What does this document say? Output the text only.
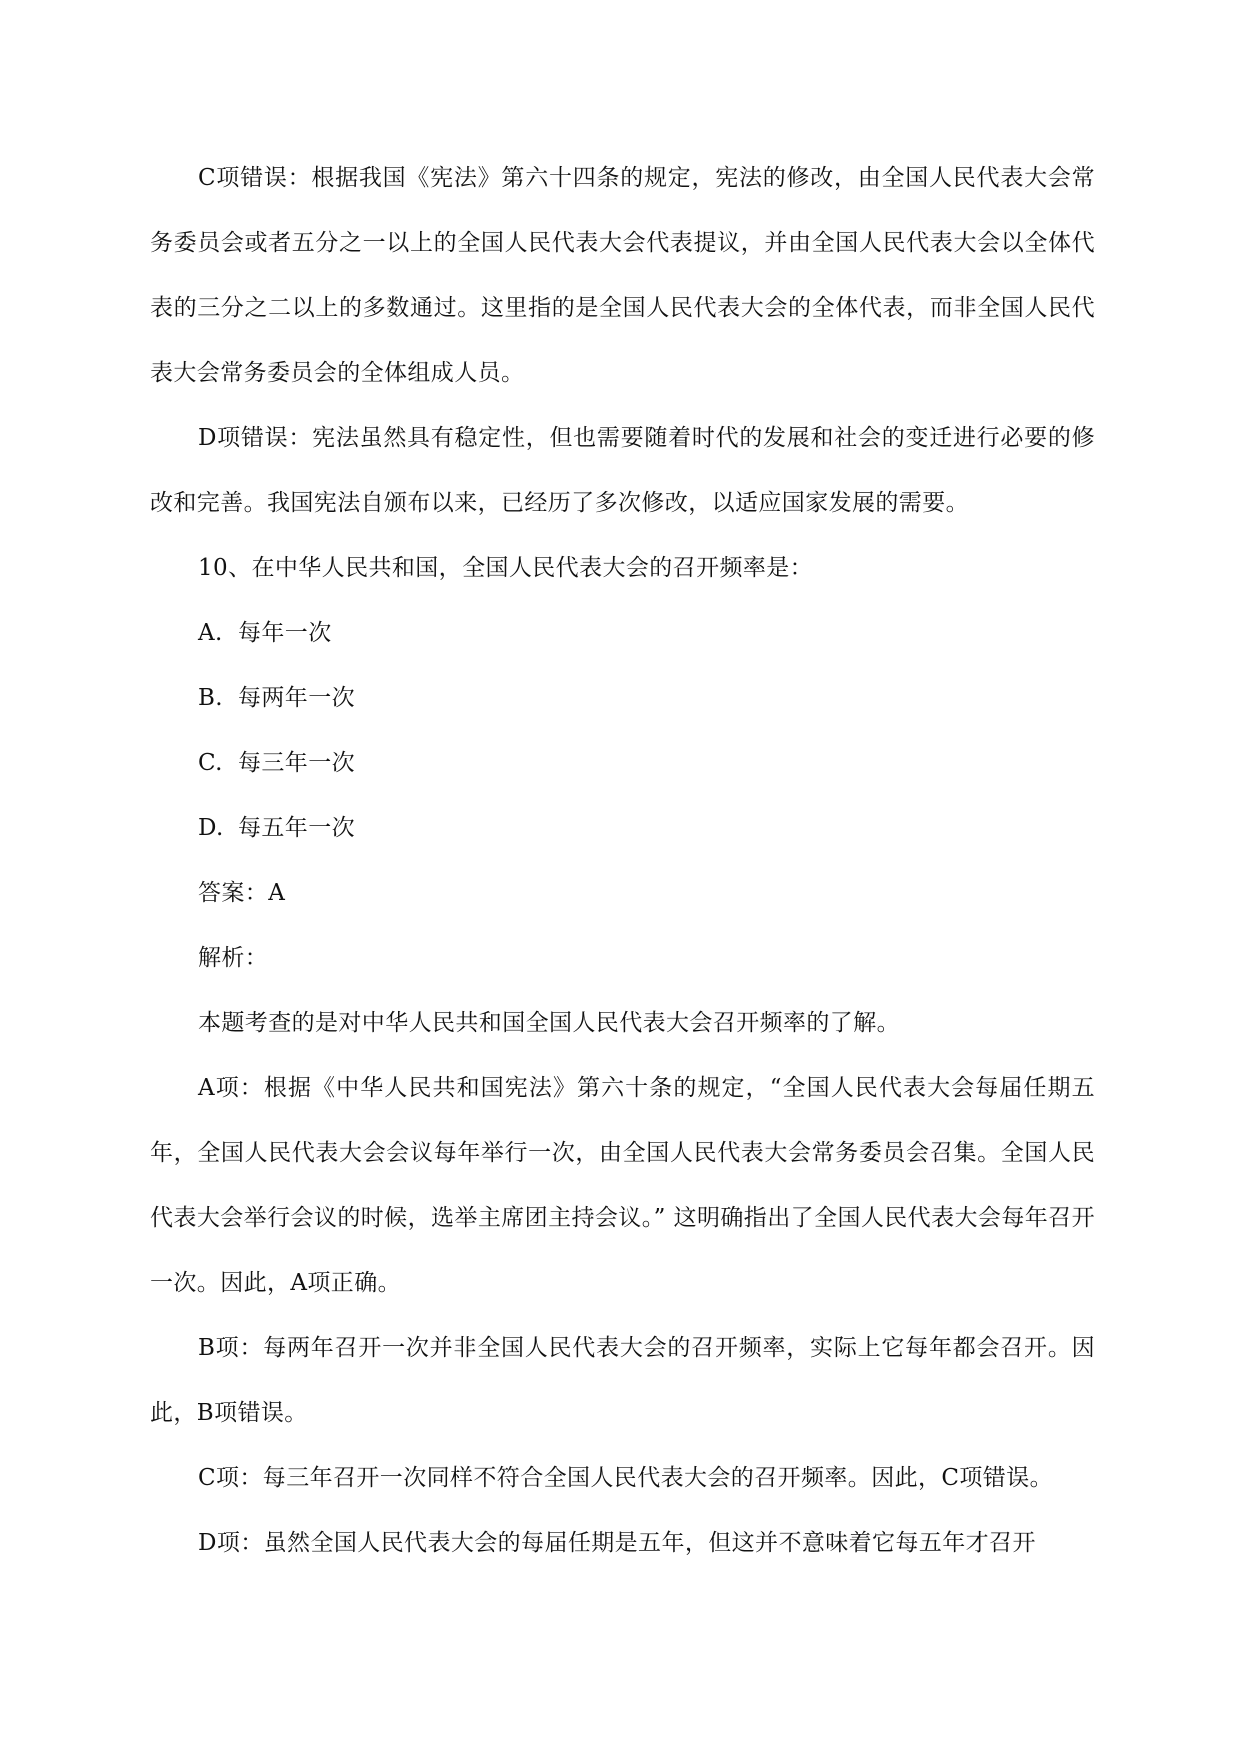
C项错误：根据我国《宪法》第六十四条的规定，宪法的修改，由全国人民代表大会常务委员会或者五分之一以上的全国人民代表大会代表提议，并由全国人民代表大会以全体代表的三分之二以上的多数通过。这里指的是全国人民代表大会的全体代表，而非全国人民代表大会常务委员会的全体组成人员。

D项错误：宪法虽然具有稳定性，但也需要随着时代的发展和社会的变迁进行必要的修改和完善。我国宪法自颁布以来，已经历了多次修改，以适应国家发展的需要。

10、在中华人民共和国，全国人民代表大会的召开频率是：

A. 每年一次

B. 每两年一次

C. 每三年一次

D. 每五年一次

答案：A

解析：

本题考查的是对中华人民共和国全国人民代表大会召开频率的了解。

A项：根据《中华人民共和国宪法》第六十条的规定，“全国人民代表大会每届任期五年，全国人民代表大会会议每年举行一次，由全国人民代表大会常务委员会召集。全国人民代表大会举行会议的时候，选举主席团主持会议。” 这明确指出了全国人民代表大会每年召开一次。因此，A项正确。

B项：每两年召开一次并非全国人民代表大会的召开频率，实际上它每年都会召开。因此，B项错误。

C项：每三年召开一次同样不符合全国人民代表大会的召开频率。因此，C项错误。

D项：虽然全国人民代表大会的每届任期是五年，但这并不意味着它每五年才召开
